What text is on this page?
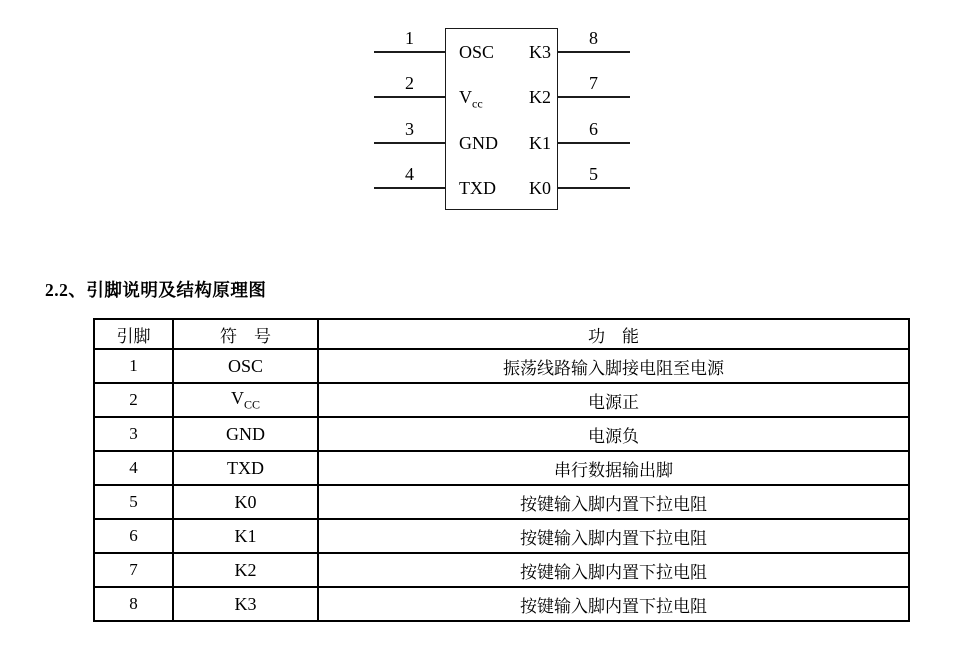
1
2
3
4
8
7
6
5
OSC
$V_{cc}$
GND
TXD
K3
K2
K1
K0
2.2、引脚说明及结构原理图
引脚	符　号	功　能
1	OSC	振荡线路输入脚接电阻至电源
2	$V_{CC}$	电源正
3	GND	电源负
4	TXD	串行数据输出脚
5	K0	按键输入脚内置下拉电阻
6	K1	按键输入脚内置下拉电阻
7	K2	按键输入脚内置下拉电阻
8	K3	按键输入脚内置下拉电阻
